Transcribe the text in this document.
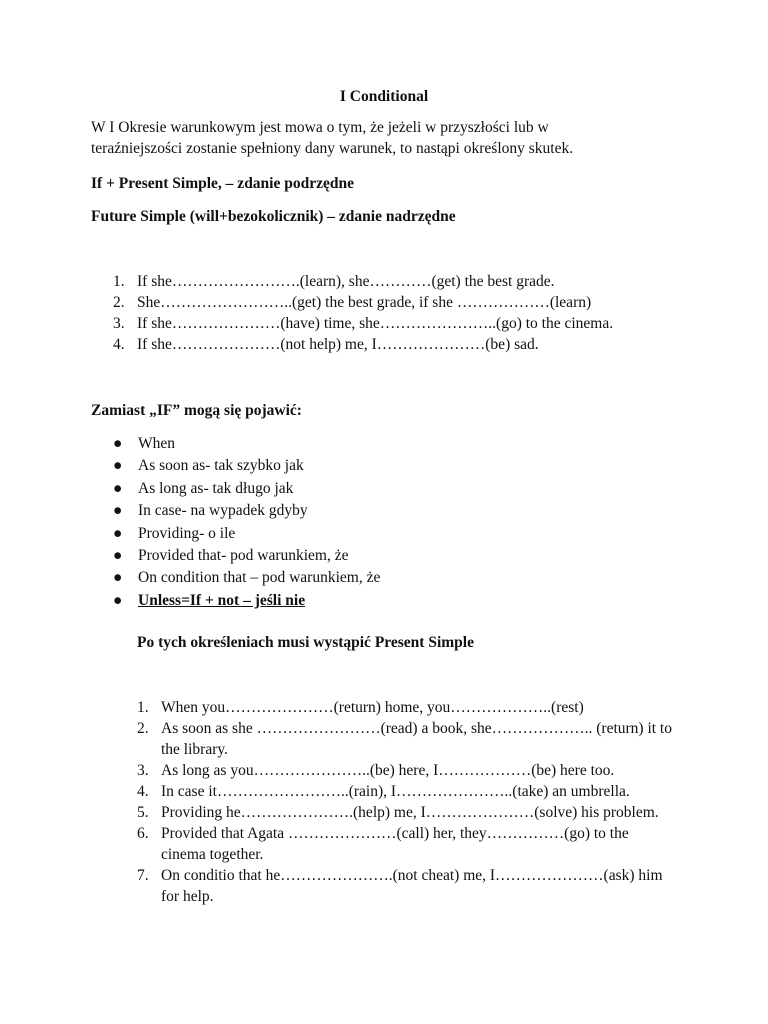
I Conditional

W I Okresie warunkowym jest mowa o tym, że jeżeli w przyszłości lub w teraźniejszości zostanie spełniony dany warunek, to nastąpi określony skutek.

If + Present Simple, – zdanie podrzędne

Future Simple (will+bezokolicznik) – zdanie nadrzędne

1. If she…………………….(learn), she…………(get) the best grade.
2. She……………………..(get) the best grade, if she ………………(learn)
3. If she…………………(have) time, she…………………..(go) to the cinema.
4. If she…………………(not help) me, I…………………(be) sad.

Zamiast „IF” mogą się pojawić:

● When
● As soon as- tak szybko jak
● As long as- tak długo jak
● In case- na wypadek gdyby
● Providing- o ile
● Provided that- pod warunkiem, że
● On condition that – pod warunkiem, że
● Unless=If + not – jeśli nie

Po tych określeniach musi wystąpić Present Simple

1. When you…………………(return) home, you………………..(rest)
2. As soon as she ……………………(read) a book, she……………….. (return) it to the library.
3. As long as you…………………..(be) here, I………………(be) here too.
4. In case it……………………..(rain), I…………………..(take) an umbrella.
5. Providing he………………….(help) me, I…………………(solve) his problem.
6. Provided that Agata …………………(call) her, they……………(go) to the cinema together.
7. On conditio that he………………….(not cheat) me, I…………………(ask) him for help.
